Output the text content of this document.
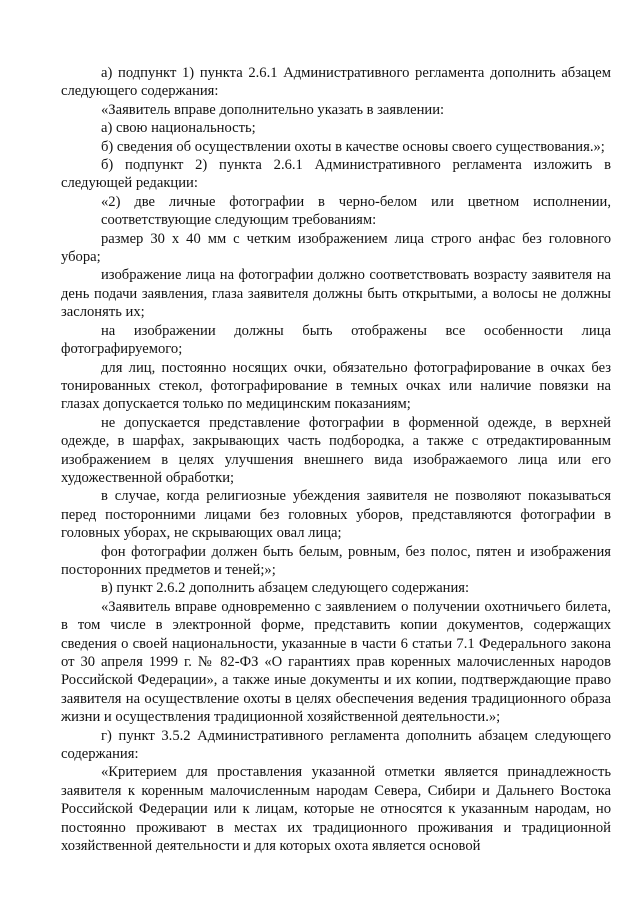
а) подпункт 1) пункта 2.6.1 Административного регламента дополнить абзацем следующего содержания:

«Заявитель вправе дополнительно указать в заявлении:

а) свою национальность;

б) сведения об осуществлении охоты в качестве основы своего существования.»;

б) подпункт 2) пункта 2.6.1 Административного регламента изложить в следующей редакции:

«2) две личные фотографии в черно-белом или цветном исполнении, соответствующие следующим требованиям:

размер 30 х 40 мм с четким изображением лица строго анфас без головного убора;

изображение лица на фотографии должно соответствовать возрасту заявителя на день подачи заявления, глаза заявителя должны быть открытыми, а волосы не должны заслонять их;

на изображении должны быть отображены все особенности лица фотографируемого;

для лиц, постоянно носящих очки, обязательно фотографирование в очках без тонированных стекол, фотографирование в темных очках или наличие повязки на глазах допускается только по медицинским показаниям;

не допускается представление фотографии в форменной одежде, в верхней одежде, в шарфах, закрывающих часть подбородка, а также с отредактированным изображением в целях улучшения внешнего вида изображаемого лица или его художественной обработки;

в случае, когда религиозные убеждения заявителя не позволяют показываться перед посторонними лицами без головных уборов, представляются фотографии в головных уборах, не скрывающих овал лица;

фон фотографии должен быть белым, ровным, без полос, пятен и изображения посторонних предметов и теней;»;

в) пункт 2.6.2 дополнить абзацем следующего содержания:

«Заявитель вправе одновременно с заявлением о получении охотничьего билета, в том числе в электронной форме, представить копии документов, содержащих сведения о своей национальности, указанные в части 6 статьи 7.1 Федерального закона от 30 апреля 1999 г. № 82-ФЗ «О гарантиях прав коренных малочисленных народов Российской Федерации», а также иные документы и их копии, подтверждающие право заявителя на осуществление охоты в целях обеспечения ведения традиционного образа жизни и осуществления традиционной хозяйственной деятельности.»;

г) пункт 3.5.2 Административного регламента дополнить абзацем следующего содержания:

«Критерием для проставления указанной отметки является принадлежность заявителя к коренным малочисленным народам Севера, Сибири и Дальнего Востока Российской Федерации или к лицам, которые не относятся к указанным народам, но постоянно проживают в местах их традиционного проживания и традиционной хозяйственной деятельности и для которых охота является основой
